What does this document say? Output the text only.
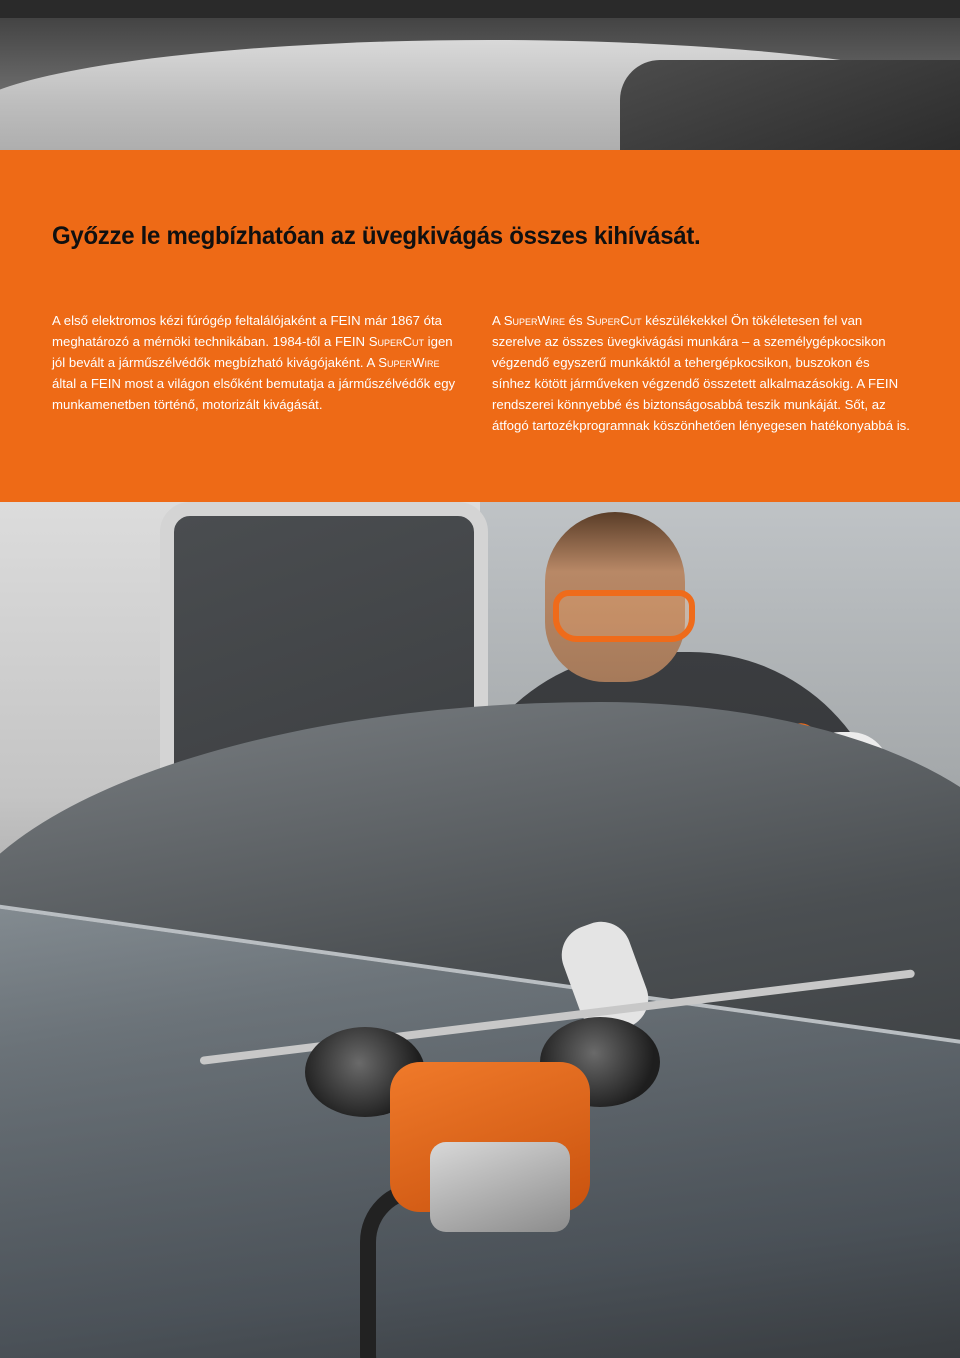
Győzze le megbízhatóan az üvegkivágás összes kihívását.

A első elektromos kézi fúrógép feltalálójaként a FEIN már 1867 óta meghatározó a mérnöki technikában. 1984-től a FEIN SuperCut igen jól bevált a járműszélvédők megbízható kivágójaként. A SuperWire által a FEIN most a világon elsőként bemutatja a járműszélvédők egy munkamenetben történő, motorizált kivágását.

A SuperWire és SuperCut készülékekkel Ön tökéletesen fel van szerelve az összes üvegkivágási munkára – a személygépkocsikon végzendő egyszerű munkáktól a tehergépkocsikon, buszokon és sínhez kötött járműveken végzendő összetett alkalmazásokig. A FEIN rendszerei könnyebbé és biztonságosabbá teszik munkáját. Sőt, az átfogó tartozékprogramnak köszönhetően lényegesen hatékonyabbá is.
